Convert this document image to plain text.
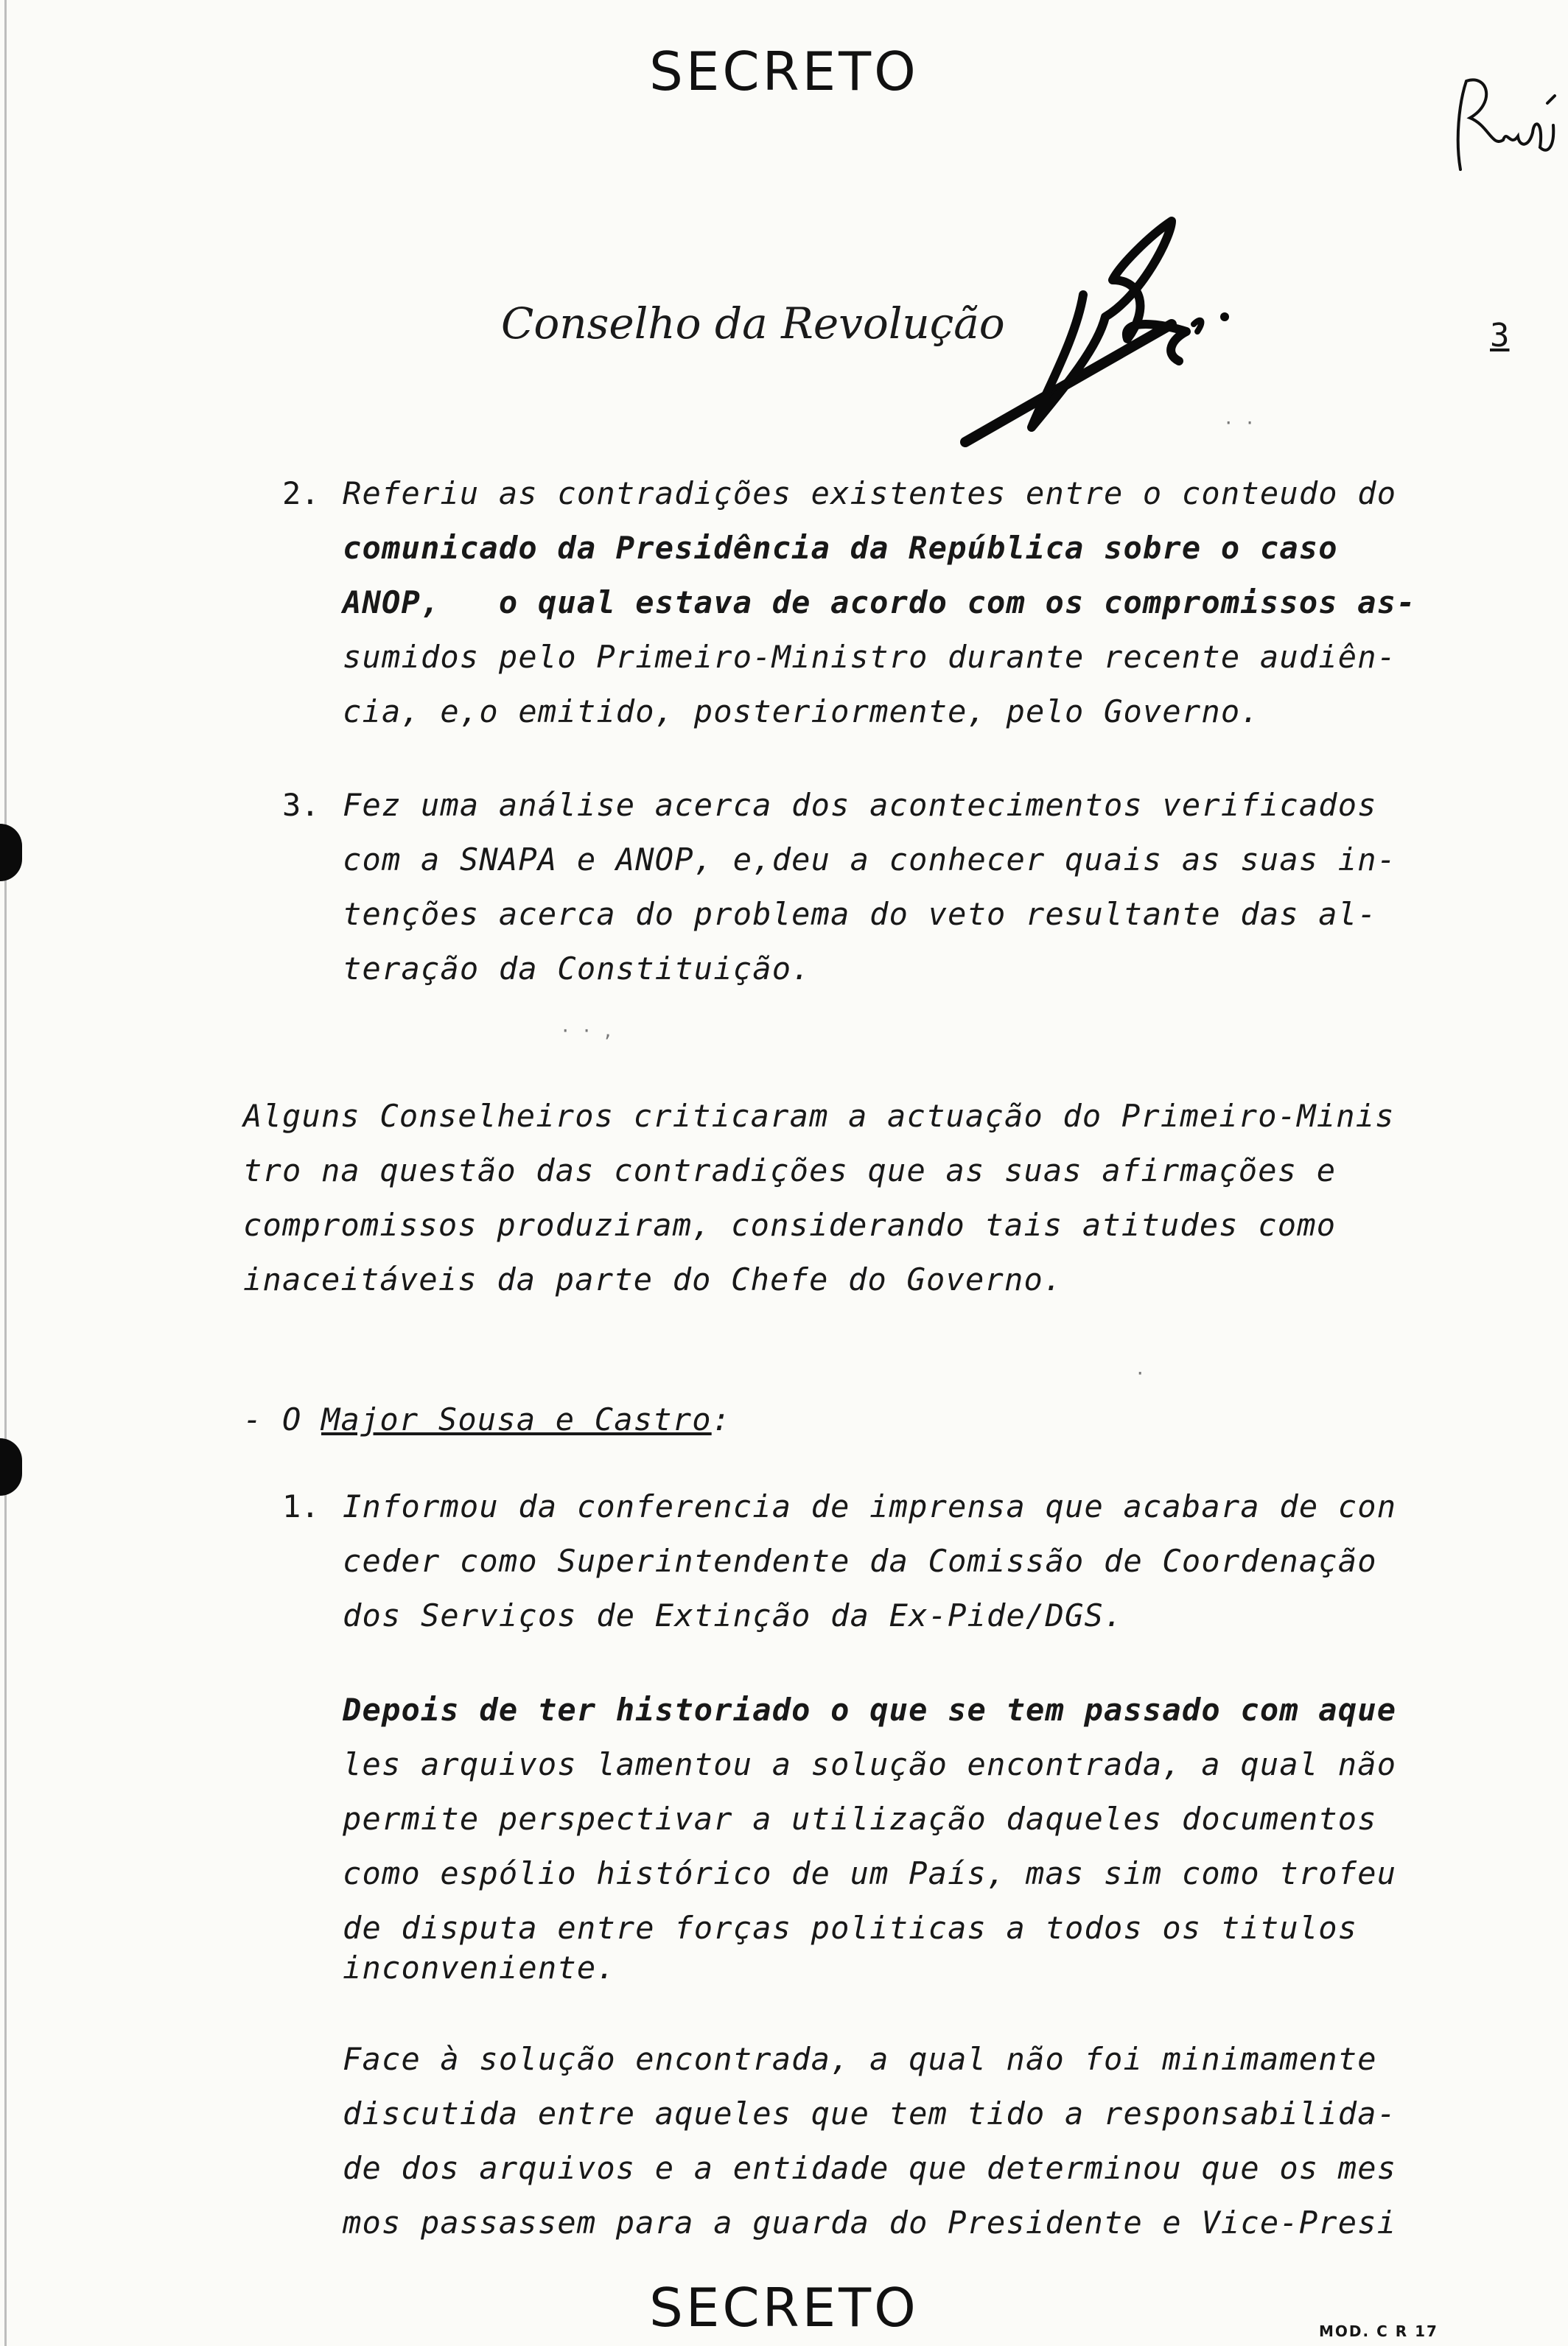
SECRETO
Conselho da Revolução	3
· ·
· · ,
·
2. Referiu as contradições existentes entre o conteudo do
comunicado da Presidência da República sobre o caso
ANOP,   o qual estava de acordo com os compromissos as-
sumidos pelo Primeiro-Ministro durante recente audiên-
cia, e,o emitido, posteriormente, pelo Governo.
3. Fez uma análise acerca dos acontecimentos verificados
com a SNAPA e ANOP, e,deu a conhecer quais as suas in-
tenções acerca do problema do veto resultante das al-
teração da Constituição.
Alguns Conselheiros criticaram a actuação do Primeiro-Minis
tro na questão das contradições que as suas afirmações e
compromissos produziram, considerando tais atitudes como
inaceitáveis da parte do Chefe do Governo.
- O Major Sousa e Castro:
1. Informou da conferencia de imprensa que acabara de con
ceder como Superintendente da Comissão de Coordenação
dos Serviços de Extinção da Ex-Pide/DGS.
Depois de ter historiado o que se tem passado com aque
les arquivos lamentou a solução encontrada, a qual não
permite perspectivar a utilização daqueles documentos
como espólio histórico de um País, mas sim como trofeu
de disputa entre forças politicas a todos os titulos
inconveniente.
Face à solução encontrada, a qual não foi minimamente
discutida entre aqueles que tem tido a responsabilida-
de dos arquivos e a entidade que determinou que os mes
mos passassem para a guarda do Presidente e Vice-Presi
SECRETO	MOD. C R 17
